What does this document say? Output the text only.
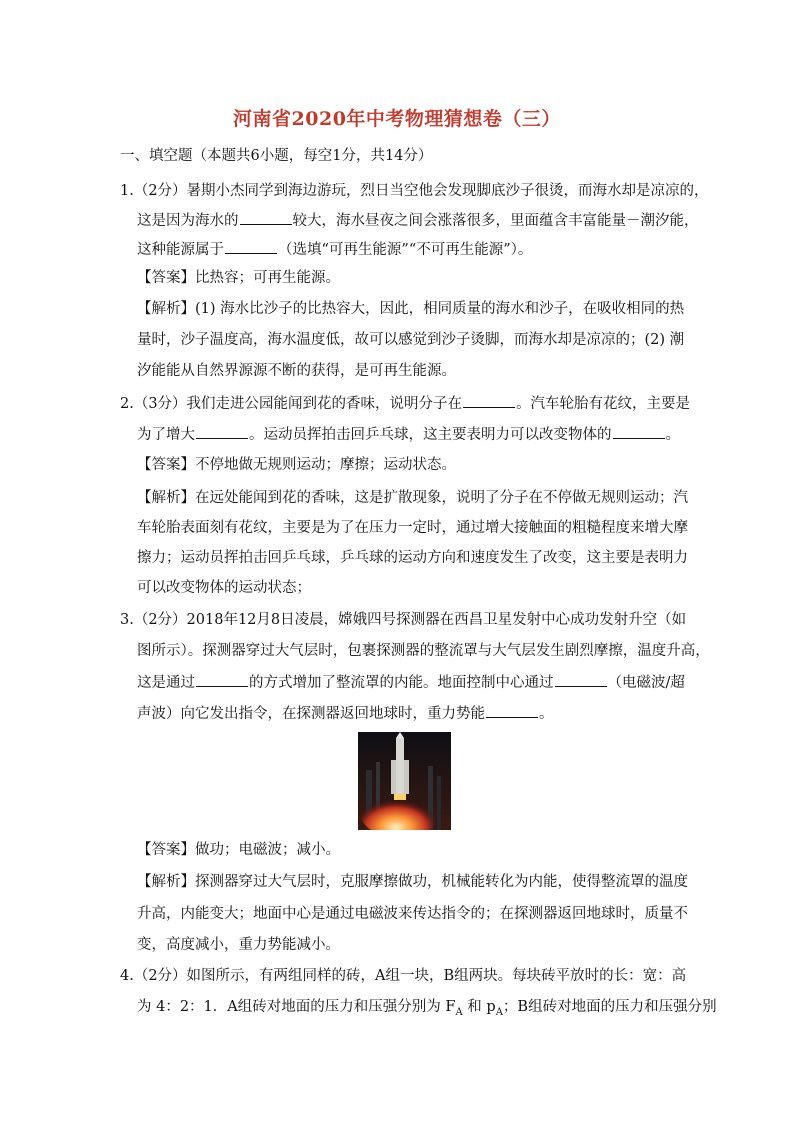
河南省2020年中考物理猜想卷（三）
一、填空题（本题共6小题，每空1分，共14分）
1.（2分）暑期小杰同学到海边游玩，烈日当空他会发现脚底沙子很烫，而海水却是凉凉的，
这是因为海水的	较大，海水昼夜之间会涨落很多，里面蕴含丰富能量－潮汐能，
这种能源属于	（选填“可再生能源”“不可再生能源”）。
【答案】比热容；可再生能源。
【解析】(1) 海水比沙子的比热容大，因此，相同质量的海水和沙子，在吸收相同的热
量时，沙子温度高，海水温度低，故可以感觉到沙子烫脚，而海水却是凉凉的；(2) 潮
汐能能从自然界源源不断的获得，是可再生能源。
2.（3分）我们走进公园能闻到花的香味，说明分子在	。汽车轮胎有花纹，主要是
为了增大	。运动员挥拍击回乒乓球，这主要表明力可以改变物体的	。
【答案】不停地做无规则运动；摩擦；运动状态。
【解析】在远处能闻到花的香味，这是扩散现象，说明了分子在不停做无规则运动；汽
车轮胎表面刻有花纹，主要是为了在压力一定时，通过增大接触面的粗糙程度来增大摩
擦力；运动员挥拍击回乒乓球，乒乓球的运动方向和速度发生了改变，这主要是表明力
可以改变物体的运动状态；
3.（2分）2018年12月8日凌晨，嫦娥四号探测器在西昌卫星发射中心成功发射升空（如
图所示）。探测器穿过大气层时，包裹探测器的整流罩与大气层发生剧烈摩擦，温度升高，
这是通过	的方式增加了整流罩的内能。地面控制中心通过	（电磁波/超
声波）向它发出指令，在探测器返回地球时，重力势能	。
【答案】做功；电磁波；减小。
【解析】探测器穿过大气层时，克服摩擦做功，机械能转化为内能，使得整流罩的温度
升高，内能变大；地面中心是通过电磁波来传达指令的；在探测器返回地球时，质量不
变，高度减小，重力势能减小。
4.（2分）如图所示，有两组同样的砖，A组一块，B组两块。每块砖平放时的长：宽：高
为 4：2：1．A组砖对地面的压力和压强分别为 $F_A$ 和 $p_A$；B组砖对地面的压力和压强分别
